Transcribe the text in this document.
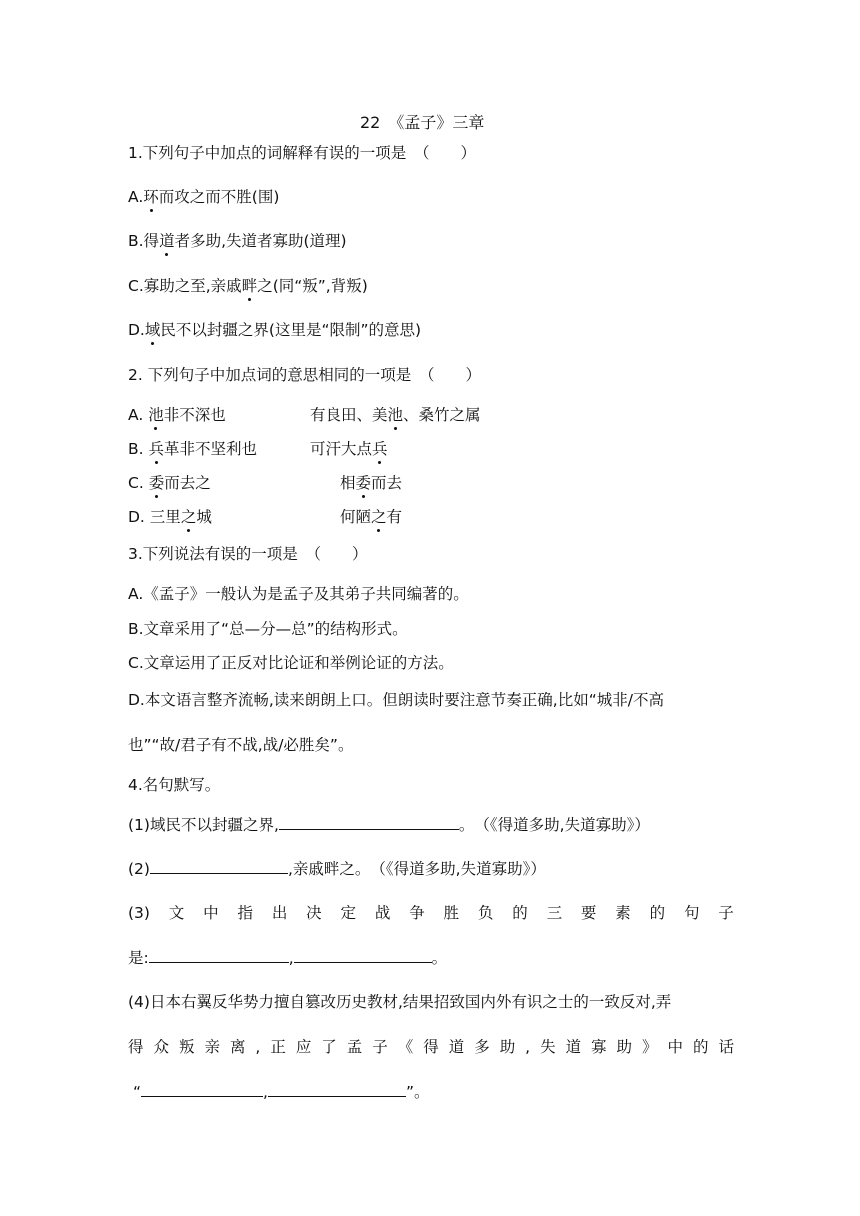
22　《孟子》三章
1.下列句子中加点的词解释有误的一项是　（　　）
A.环而攻之而不胜(围)
B.得道者多助,失道者寡助(道理)
C.寡助之至,亲戚畔之(同“叛”,背叛)
D.域民不以封疆之界(这里是“限制”的意思)
2. 下列句子中加点词的意思相同的一项是　（　　）
A. 池非不深也	有良田、美池、桑竹之属
B. 兵革非不坚利也	可汗大点兵
C. 委而去之	相委而去
D. 三里之城	何陋之有
3.下列说法有误的一项是　（　　）
A.《孟子》一般认为是孟子及其弟子共同编著的。
B.文章采用了“总—分—总”的结构形式。
C.文章运用了正反对比论证和举例论证的方法。
D.本文语言整齐流畅,读来朗朗上口。但朗读时要注意节奏正确,比如“城非/不高
也”“故/君子有不战,战/必胜矣”。
4.名句默写。
(1)域民不以封疆之界,	。　（《得道多助,失道寡助》）
(2)	,亲戚畔之。　（《得道多助,失道寡助》）
(3) 文 中 指 出 决 定 战 争 胜 负 的 三 要 素 的 句 子
是:	,	。
(4)日本右翼反华势力擅自篡改历史教材,结果招致国内外有识之士的一致反对,弄
得 众 叛 亲 离 , 正 应 了 孟 子 《 得 道 多 助 , 失 道 寡 助 》 中 的 话
“	,	”。
